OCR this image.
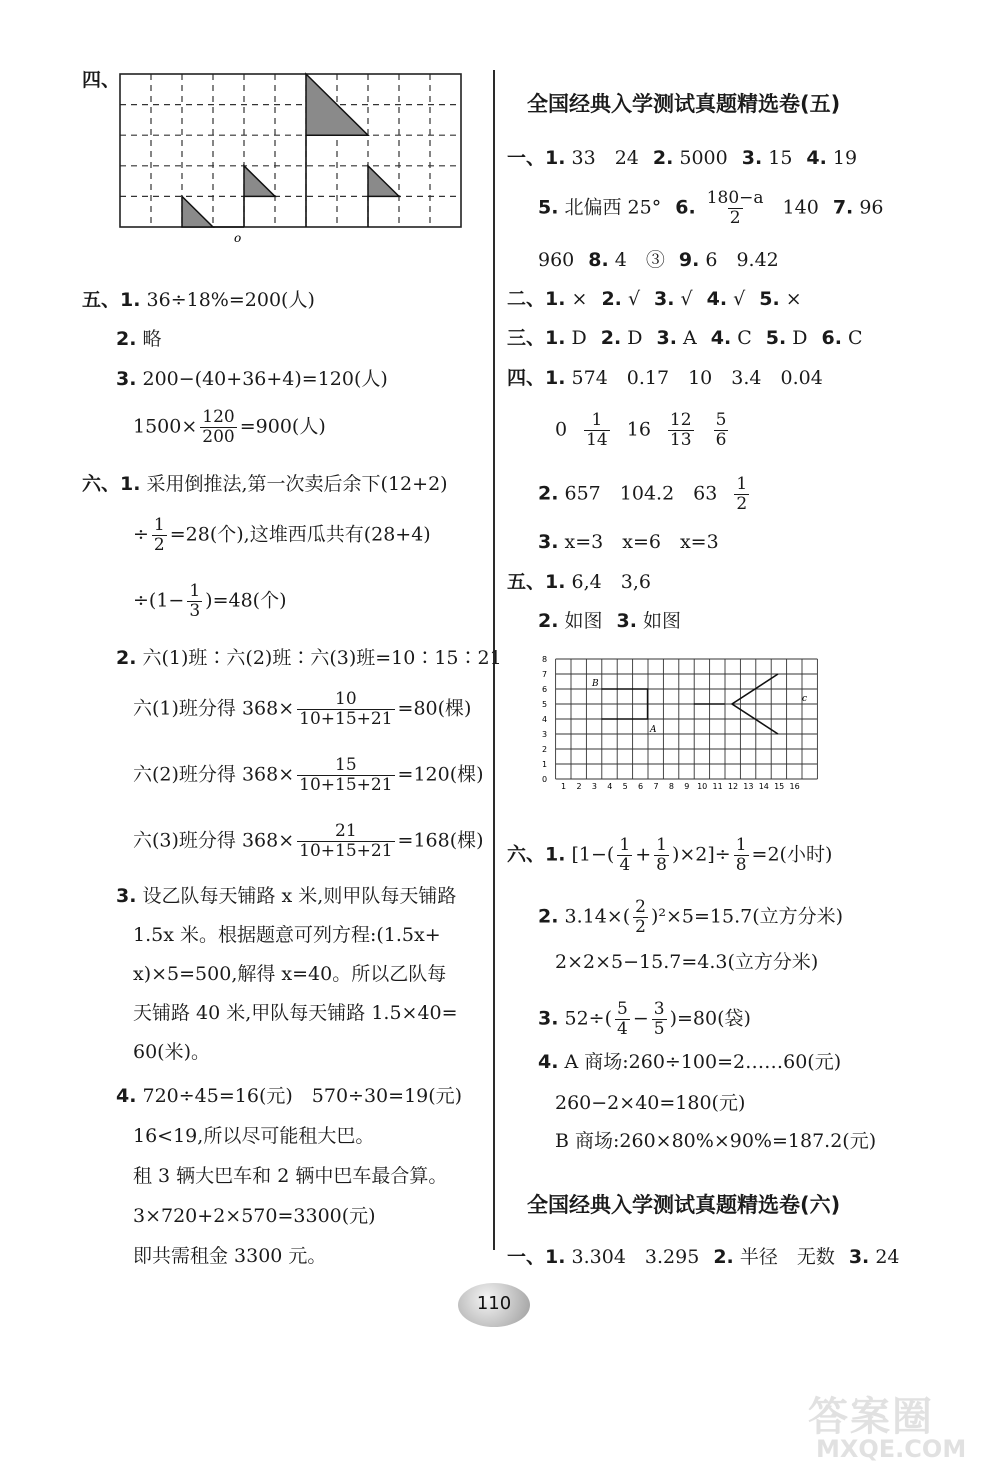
四、
o
五、1. 36÷18%=200(人)
2. 略
3. 200−(40+36+4)=120(人)
$1500\times \frac{120}{200} =900$(人)
六、1. 采用倒推法,第一次卖后余下(12+2)
÷ $\frac{1}{2} =28$(个),这堆西瓜共有(28+4)
$\div(1- \frac{1}{3} )=48$(个)
2. 六(1)班∶六(2)班∶六(3)班=10∶15∶21
六(1)班分得 $368\times \frac{10}{10+15+21} =80$(棵)
六(2)班分得 $368\times \frac{15}{10+15+21} =120$(棵)
六(3)班分得 $368\times \frac{21}{10+15+21} =168$(棵)
3. 设乙队每天铺路 x 米,则甲队每天铺路
1.5x 米。根据题意可列方程:(1.5x+
x)×5=500,解得 x=40。所以乙队每
天铺路 40 米,甲队每天铺路 1.5×40=
60(米)。
4. 720÷45=16(元)　570÷30=19(元)
16<19,所以尽可能租大巴。
租 3 辆大巴车和 2 辆中巴车最合算。
3×720+2×570=3300(元)
即共需租金 3300 元。
全国经典入学测试真题精选卷(五)
一、1. 33　24 2. 5000 3. 15 4. 19
5. 北偏西 25° 6. $\frac{180-a}{2} 140$ 7. 96
960 8. 4　③ 9. 6　9.42
二、1. × 2. √ 3. √ 4. √ 5. ×
三、1. D 2. D 3. A 4. C 5. D 6. C
四、1. 574　0.17　10　3.4　0.04
$0 \frac{1}{14} 16 \frac{12}{13} \frac{5}{6}$
2. 657　104.2　$63 \frac{1}{2}$
3. x=3　x=6　x=3
五、1. 6,4　3,6
2. 如图 3. 如图
8
7
6
5
4
3
2
1
0
1 2 3 4 5 6 7 8 9 10 11 12 13 14 15 16
B
A
c
六、1. $[1-( \frac{1}{4} + \frac{1}{8} )\times 2]\div \frac{1}{8} =2$(小时)
2. $3.14\times( \frac{2}{2} )^2\times 5=15.7$(立方分米)
2×2×5−15.7=4.3(立方分米)
3. $52\div( \frac{5}{4} - \frac{3}{5} )=80$(袋)
4. A 商场:260÷100=2……60(元)
260−2×40=180(元)
B 商场:260×80%×90%=187.2(元)
全国经典入学测试真题精选卷(六)
一、1. 3.304　3.295 2. 半径　无数 3. 24
110
答案圈
MXQE.COM
